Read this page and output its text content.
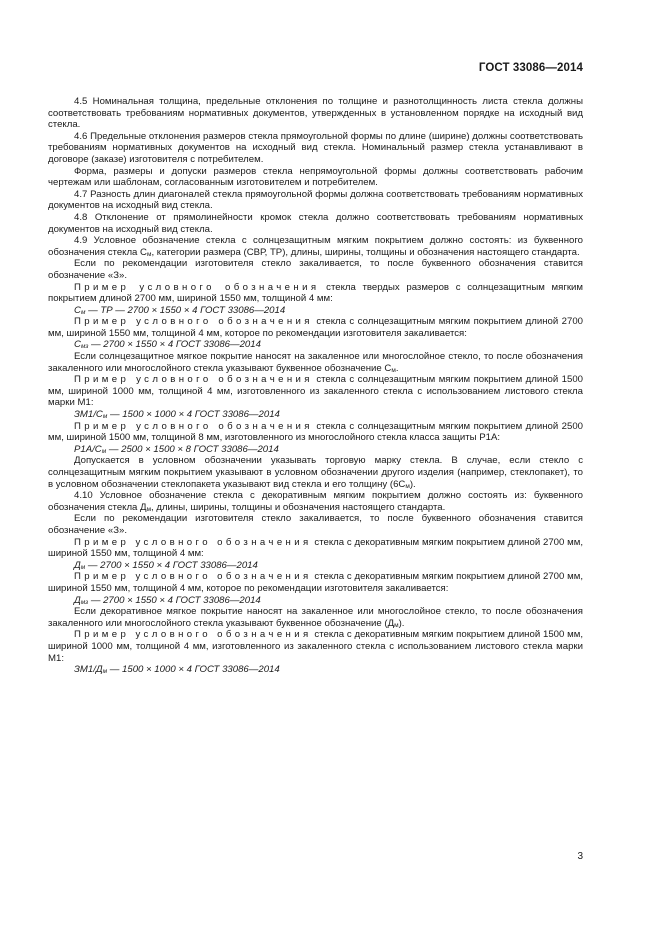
ГОСТ 33086—2014

4.5 Номинальная толщина, предельные отклонения по толщине и разнотолщинность листа стекла должны соответствовать требованиям нормативных документов, утвержденных в установленном порядке на исходный вид стекла.

4.6 Предельные отклонения размеров стекла прямоугольной формы по длине (ширине) должны соответствовать требованиям нормативных документов на исходный вид стекла. Номинальный размер стекла устанавливают в договоре (заказе) изготовителя с потребителем.

Форма, размеры и допуски размеров стекла непрямоугольной формы должны соответствовать рабочим чертежам или шаблонам, согласованным изготовителем и потребителем.

4.7 Разность длин диагоналей стекла прямоугольной формы должна соответствовать требованиям нормативных документов на исходный вид стекла.

4.8 Отклонение от прямолинейности кромок стекла должно соответствовать требованиям нормативных документов на исходный вид стекла.

4.9 Условное обозначение стекла с солнцезащитным мягким покрытием должно состоять: из буквенного обозначения стекла $С_м$, категории размера (СВР, ТР), длины, ширины, толщины и обозначения настоящего стандарта.

Если по рекомендации изготовителя стекло закаливается, то после буквенного обозначения ставится обозначение «З».

Пример условного обозначения стекла твердых размеров с солнцезащитным мягким покрытием длиной 2700 мм, шириной 1550 мм, толщиной 4 мм:

$С_м$ — ТР — 2700 × 1550 × 4 ГОСТ 33086—2014

Пример условного обозначения стекла с солнцезащитным мягким покрытием длиной 2700 мм, шириной 1550 мм, толщиной 4 мм, которое по рекомендации изготовителя закаливается:

$С_{мз}$ — 2700 × 1550 × 4 ГОСТ 33086—2014

Если солнцезащитное мягкое покрытие наносят на закаленное или многослойное стекло, то после обозначения закаленного или многослойного стекла указывают буквенное обозначение $С_м$.

Пример условного обозначения стекла с солнцезащитным мягким покрытием длиной 1500 мм, шириной 1000 мм, толщиной 4 мм, изготовленного из закаленного стекла с использованием листового стекла марки М1:

$ЗМ1/С_м$ — 1500 × 1000 × 4 ГОСТ 33086—2014

Пример условного обозначения стекла с солнцезащитным мягким покрытием длиной 2500 мм, шириной 1500 мм, толщиной 8 мм, изготовленного из многослойного стекла класса защиты Р1А:

$Р1А/С_м$ — 2500 × 1500 × 8 ГОСТ 33086—2014

Допускается в условном обозначении указывать торговую марку стекла. В случае, если стекло с солнцезащитным мягким покрытием указывают в условном обозначении другого изделия (например, стеклопакет), то в условном обозначении стеклопакета указывают вид стекла и его толщину $(6С_м)$.

4.10 Условное обозначение стекла с декоративным мягким покрытием должно состоять из: буквенного обозначения стекла $Д_м$, длины, ширины, толщины и обозначения настоящего стандарта.

Если по рекомендации изготовителя стекло закаливается, то после буквенного обозначения ставится обозначение «З».

Пример условного обозначения стекла с декоративным мягким покрытием длиной 2700 мм, шириной 1550 мм, толщиной 4 мм:

$Д_м$ — 2700 × 1550 × 4 ГОСТ 33086—2014

Пример условного обозначения стекла с декоративным мягким покрытием длиной 2700 мм, шириной 1550 мм, толщиной 4 мм, которое по рекомендации изготовителя закаливается:

$Д_{мз}$ — 2700 × 1550 × 4 ГОСТ 33086—2014

Если декоративное мягкое покрытие наносят на закаленное или многослойное стекло, то после обозначения закаленного или многослойного стекла указывают буквенное обозначение $(Д_м)$.

Пример условного обозначения стекла с декоративным мягким покрытием длиной 1500 мм, шириной 1000 мм, толщиной 4 мм, изготовленного из закаленного стекла с использованием листового стекла марки М1:

$ЗМ1/Д_м$ — 1500 × 1000 × 4 ГОСТ 33086—2014

3
